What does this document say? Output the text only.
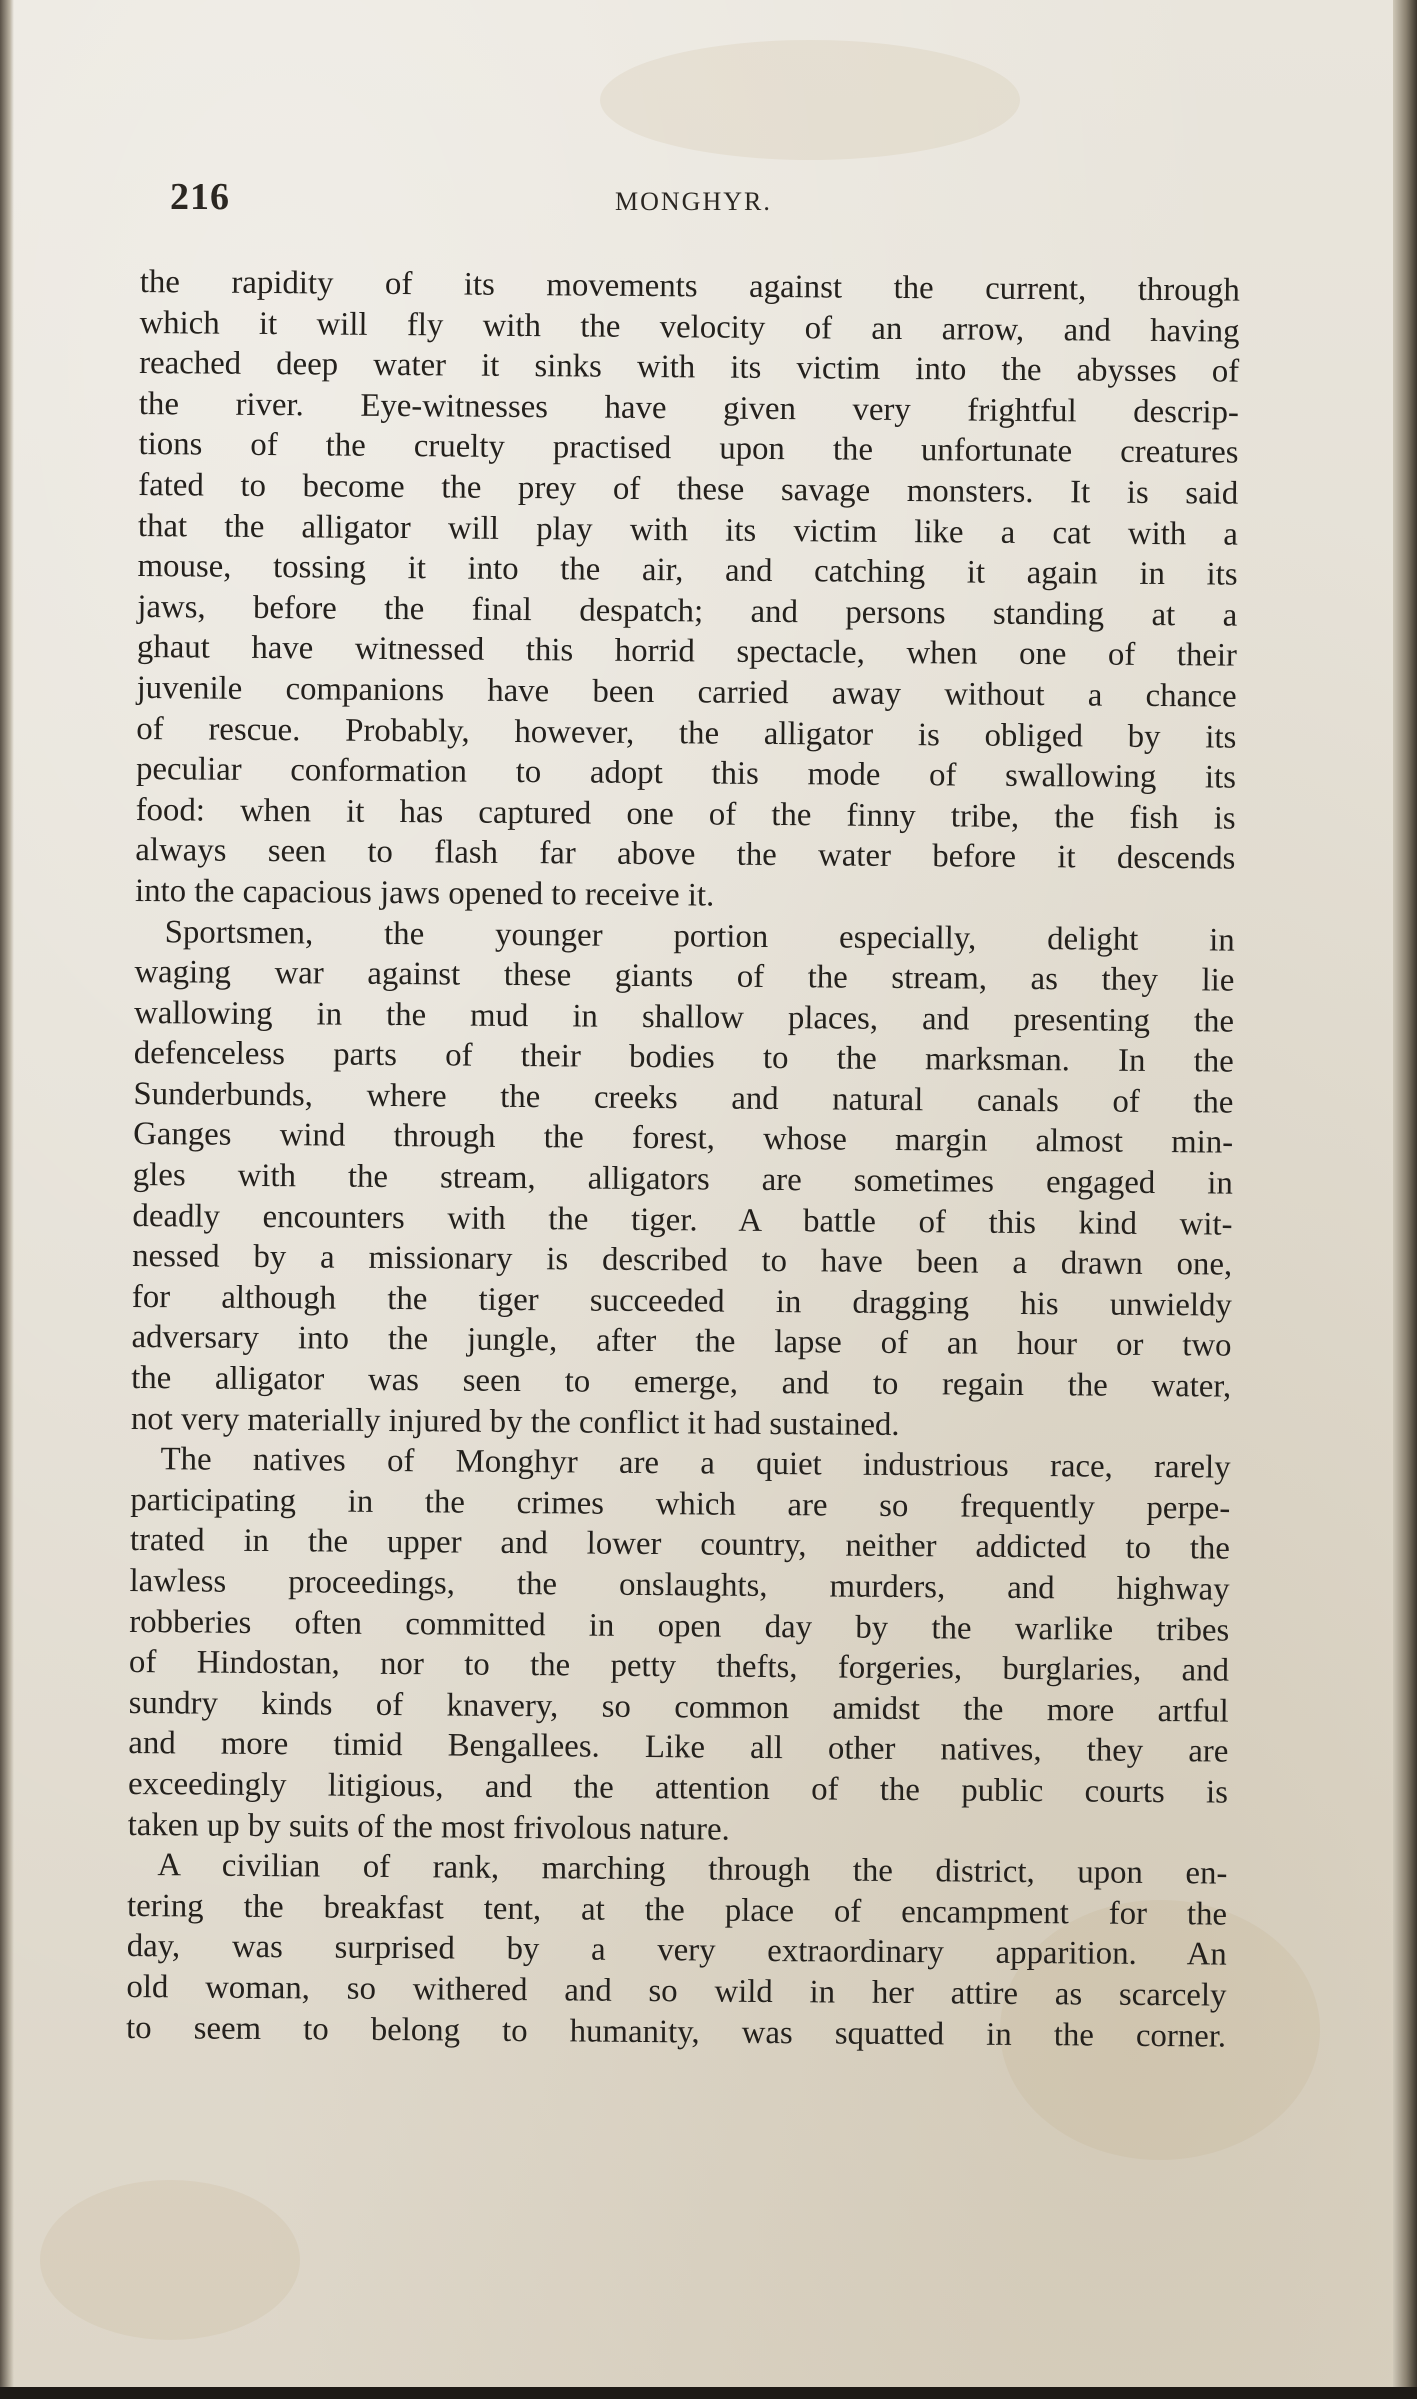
216	MONGHYR.
the rapidity of its movements against the current, through
which it will fly with the velocity of an arrow, and having
reached deep water it sinks with its victim into the abysses of
the river. Eye-witnesses have given very frightful descrip-
tions of the cruelty practised upon the unfortunate creatures
fated to become the prey of these savage monsters. It is said
that the alligator will play with its victim like a cat with a
mouse, tossing it into the air, and catching it again in its
jaws, before the final despatch; and persons standing at a
ghaut have witnessed this horrid spectacle, when one of their
juvenile companions have been carried away without a chance
of rescue. Probably, however, the alligator is obliged by its
peculiar conformation to adopt this mode of swallowing its
food: when it has captured one of the finny tribe, the fish is
always seen to flash far above the water before it descends
into the capacious jaws opened to receive it.
Sportsmen, the younger portion especially, delight in
waging war against these giants of the stream, as they lie
wallowing in the mud in shallow places, and presenting the
defenceless parts of their bodies to the marksman. In the
Sunderbunds, where the creeks and natural canals of the
Ganges wind through the forest, whose margin almost min-
gles with the stream, alligators are sometimes engaged in
deadly encounters with the tiger. A battle of this kind wit-
nessed by a missionary is described to have been a drawn one,
for although the tiger succeeded in dragging his unwieldy
adversary into the jungle, after the lapse of an hour or two
the alligator was seen to emerge, and to regain the water,
not very materially injured by the conflict it had sustained.
The natives of Monghyr are a quiet industrious race, rarely
participating in the crimes which are so frequently perpe-
trated in the upper and lower country, neither addicted to the
lawless proceedings, the onslaughts, murders, and highway
robberies often committed in open day by the warlike tribes
of Hindostan, nor to the petty thefts, forgeries, burglaries, and
sundry kinds of knavery, so common amidst the more artful
and more timid Bengallees. Like all other natives, they are
exceedingly litigious, and the attention of the public courts is
taken up by suits of the most frivolous nature.
A civilian of rank, marching through the district, upon en-
tering the breakfast tent, at the place of encampment for the
day, was surprised by a very extraordinary apparition. An
old woman, so withered and so wild in her attire as scarcely
to seem to belong to humanity, was squatted in the corner.
